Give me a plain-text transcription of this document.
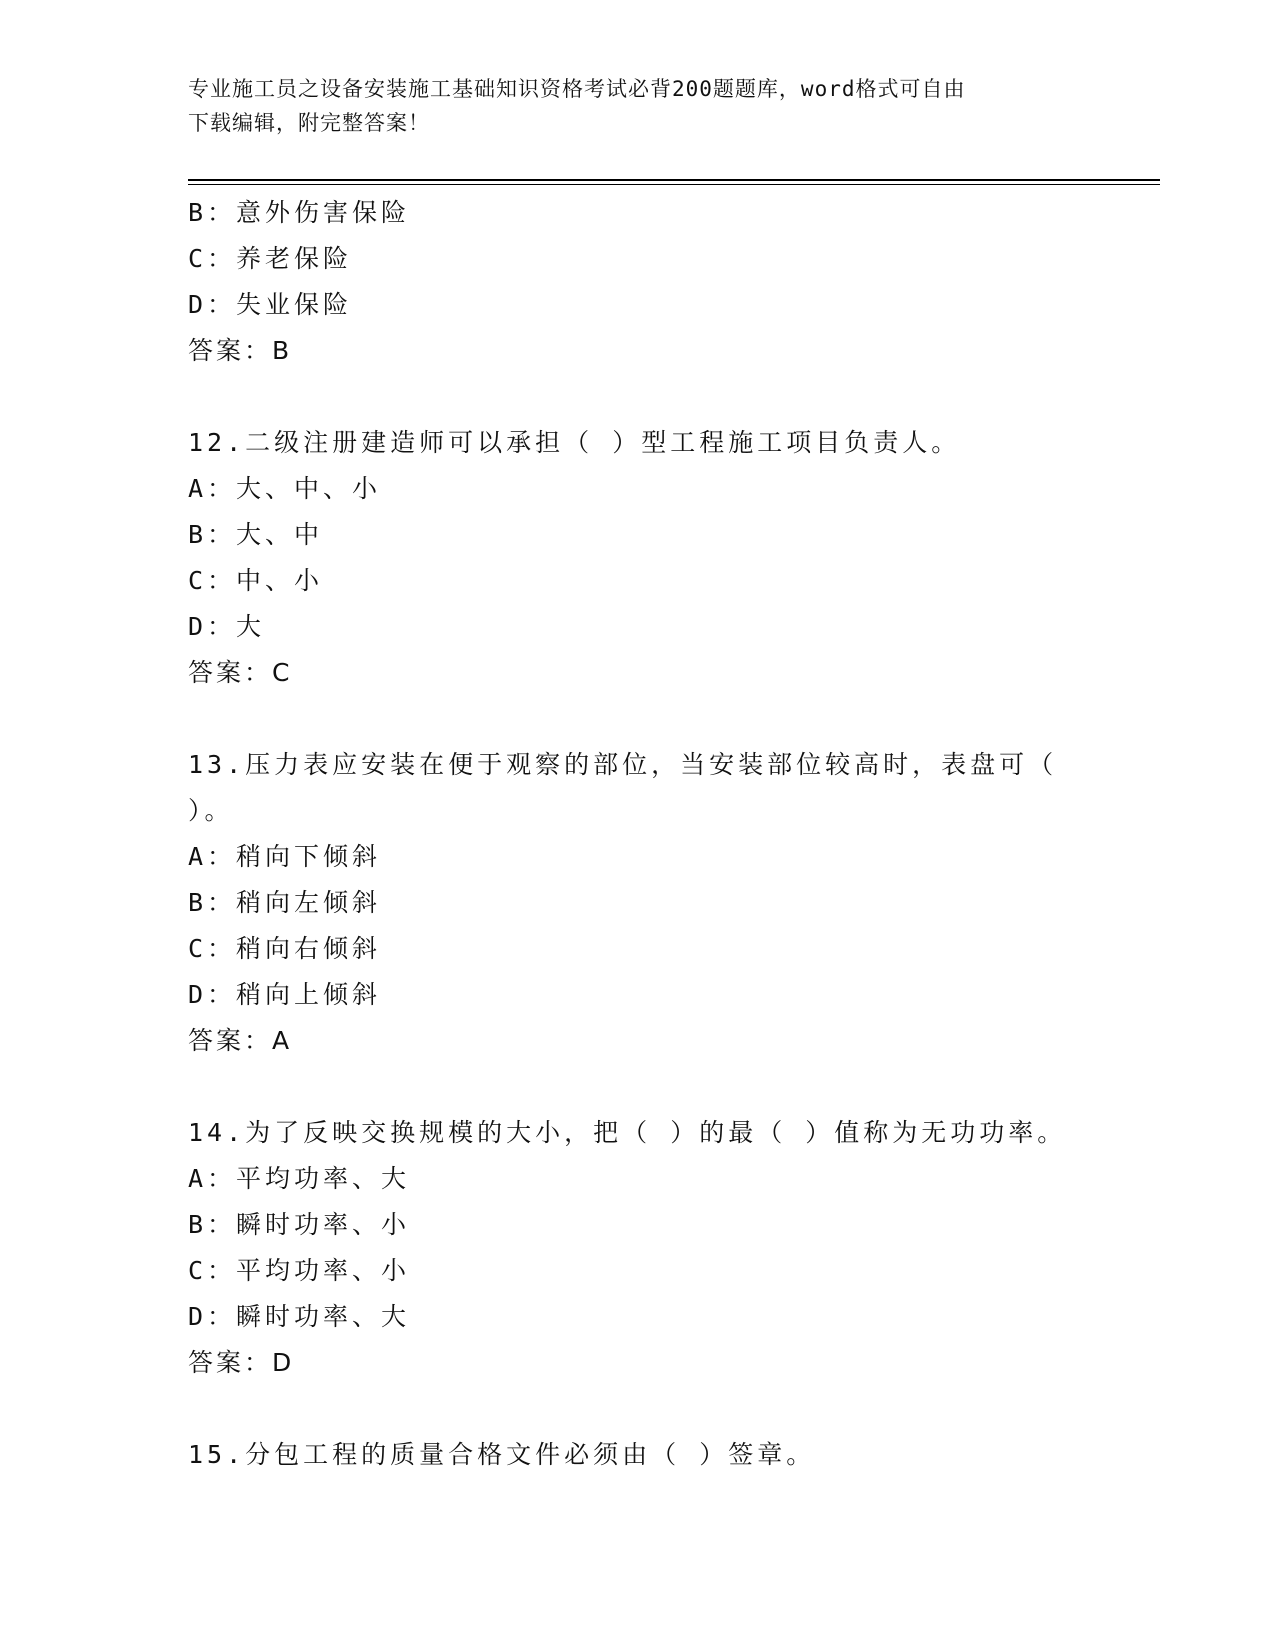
专业施工员之设备安装施工基础知识资格考试必背200题题库，word格式可自由
下载编辑，附完整答案！
B：意外伤害保险
C：养老保险
D：失业保险
答案：B
12.二级注册建造师可以承担（ ）型工程施工项目负责人。
A：大、中、小
B：大、中
C：中、小
D：大
答案：C
13.压力表应安装在便于观察的部位，当安装部位较高时，表盘可（
）。
A：稍向下倾斜
B：稍向左倾斜
C：稍向右倾斜
D：稍向上倾斜
答案：A
14.为了反映交换规模的大小，把（ ）的最（ ）值称为无功功率。
A：平均功率、大
B：瞬时功率、小
C：平均功率、小
D：瞬时功率、大
答案：D
15.分包工程的质量合格文件必须由（ ）签章。
